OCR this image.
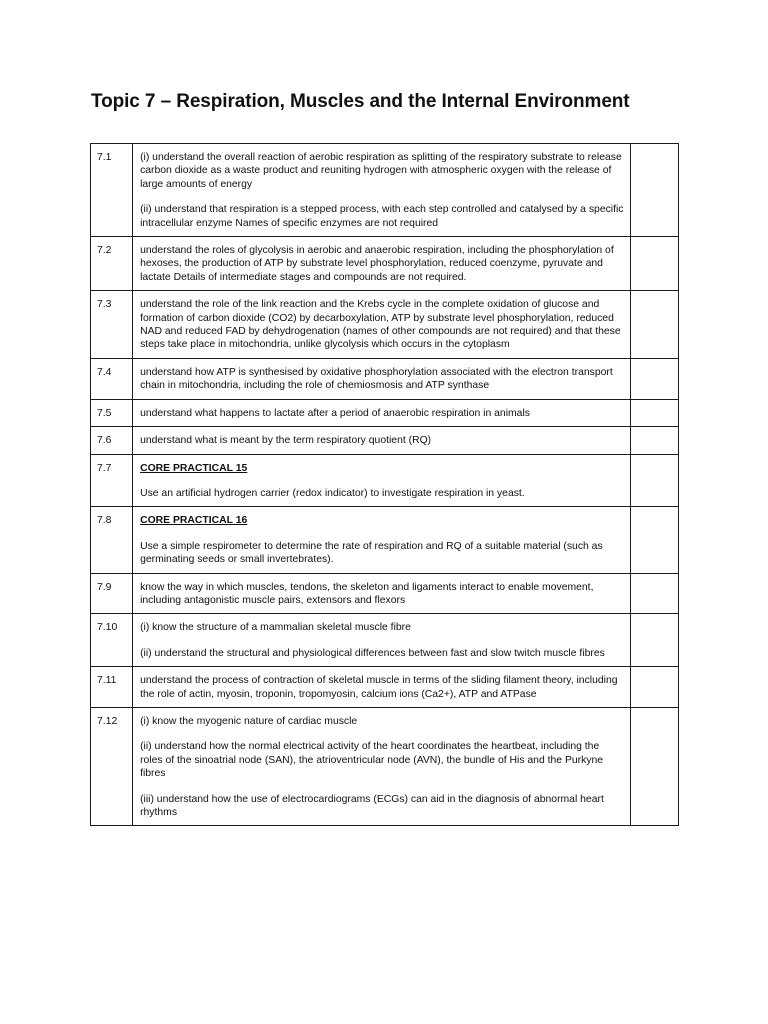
Topic 7 – Respiration, Muscles and the Internal Environment
7.1	(i) understand the overall reaction of aerobic respiration as splitting of the respiratory substrate to release carbon dioxide as a waste product and reuniting hydrogen with atmospheric oxygen with the release of large amounts of energy

(ii) understand that respiration is a stepped process, with each step controlled and catalysed by a specific intracellular enzyme Names of specific enzymes are not required	

7.2	understand the roles of glycolysis in aerobic and anaerobic respiration, including the phosphorylation of hexoses, the production of ATP by substrate level phosphorylation, reduced coenzyme, pyruvate and lactate Details of intermediate stages and compounds are not required.	

7.3	understand the role of the link reaction and the Krebs cycle in the complete oxidation of glucose and formation of carbon dioxide (CO2) by decarboxylation, ATP by substrate level phosphorylation, reduced NAD and reduced FAD by dehydrogenation (names of other compounds are not required) and that these steps take place in mitochondria, unlike glycolysis which occurs in the cytoplasm	

7.4	understand how ATP is synthesised by oxidative phosphorylation associated with the electron transport chain in mitochondria, including the role of chemiosmosis and ATP synthase	

7.5	understand what happens to lactate after a period of anaerobic respiration in animals	

7.6	understand what is meant by the term respiratory quotient (RQ)	

7.7	CORE PRACTICAL 15

Use an artificial hydrogen carrier (redox indicator) to investigate respiration in yeast.	

7.8	CORE PRACTICAL 16

Use a simple respirometer to determine the rate of respiration and RQ of a suitable material (such as germinating seeds or small invertebrates).	

7.9	know the way in which muscles, tendons, the skeleton and ligaments interact to enable movement, including antagonistic muscle pairs, extensors and flexors	

7.10	(i) know the structure of a mammalian skeletal muscle fibre

(ii) understand the structural and physiological differences between fast and slow twitch muscle fibres	

7.11	understand the process of contraction of skeletal muscle in terms of the sliding filament theory, including the role of actin, myosin, troponin, tropomyosin, calcium ions (Ca2+), ATP and ATPase	

7.12	(i) know the myogenic nature of cardiac muscle

(ii) understand how the normal electrical activity of the heart coordinates the heartbeat, including the roles of the sinoatrial node (SAN), the atrioventricular node (AVN), the bundle of His and the Purkyne fibres

(iii) understand how the use of electrocardiograms (ECGs) can aid in the diagnosis of abnormal heart rhythms	
